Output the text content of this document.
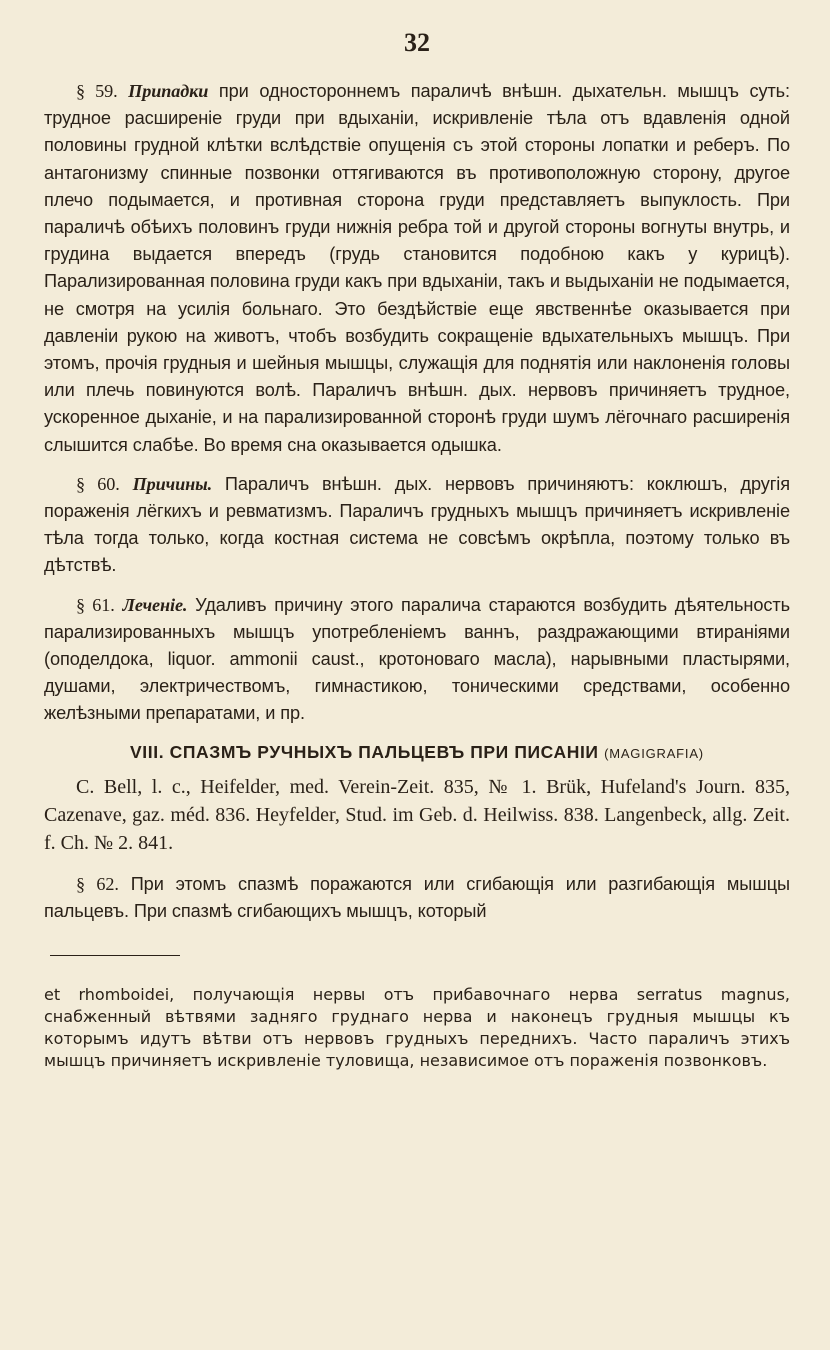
32

§ 59. Припадки при одностороннемъ параличѣ внѣшн. дыхательн. мышцъ суть: трудное расширеніе груди при вдыханіи, искривленіе тѣла отъ вдавленія одной половины грудной клѣтки вслѣдствіе опущенія съ этой стороны лопатки и реберъ. По антагонизму спинные позвонки оттягиваются въ противоположную сторону, другое плечо подымается, и противная сторона груди представляетъ выпуклость. При параличѣ обѣихъ половинъ груди нижнія ребра той и другой стороны вогнуты внутрь, и грудина выдается впередъ (грудь становится подобною какъ у курицѣ). Парализированная половина груди какъ при вдыханіи, такъ и выдыханіи не подымается, не смотря на усилія больнаго. Это бездѣйствіе еще явственнѣе оказывается при давленіи рукою на животъ, чтобъ возбудить сокращеніе вдыхательныхъ мышцъ. При этомъ, прочія грудныя и шейныя мышцы, служащія для поднятія или наклоненія головы или плечь повинуются волѣ. Параличъ внѣшн. дых. нервовъ причиняетъ трудное, ускоренное дыханіе, и на парализированной сторонѣ груди шумъ лёгочнаго расширенія слышится слабѣе. Во время сна оказывается одышка.

§ 60. Причины. Параличъ внѣшн. дых. нервовъ причиняютъ: коклюшъ, другія пораженія лёгкихъ и ревматизмъ. Параличъ грудныхъ мышцъ причиняетъ искривленіе тѣла тогда только, когда костная система не совсѣмъ окрѣпла, поэтому только въ дѣтствѣ.

§ 61. Леченіе. Удаливъ причину этого паралича стараются возбудить дѣятельность парализированныхъ мышцъ употребленіемъ ваннъ, раздражающими втираніями (оподелдока, liquor. ammonii caust., кротоноваго масла), нарывными пластырями, душами, электричествомъ, гимнастикою, тоническими средствами, особенно желѣзными препаратами, и пр.

VIII. СПАЗМЪ РУЧНЫХЪ ПАЛЬЦЕВЪ ПРИ ПИСАНІИ (MAGIGRAFIA)

C. Bell, l. c., Heifelder, med. Verein-Zeit. 835, № 1. Brük, Hufeland's Journ. 835, Cazenave, gaz. méd. 836. Heyfelder, Stud. im Geb. d. Heilwiss. 838. Langenbeck, allg. Zeit. f. Ch. № 2. 841.

§ 62. При этомъ спазмѣ поражаются или сгибающія или разгибающія мышцы пальцевъ. При спазмѣ сгибающихъ мышцъ, который

et rhomboidei, получающія нервы отъ прибавочнаго нерва serratus magnus, снабженный вѣтвями задняго груднаго нерва и наконецъ грудныя мышцы къ которымъ идутъ вѣтви отъ нервовъ грудныхъ переднихъ. Часто параличъ этихъ мышцъ причиняетъ искривленіе туловища, независимое отъ пораженія позвонковъ.
